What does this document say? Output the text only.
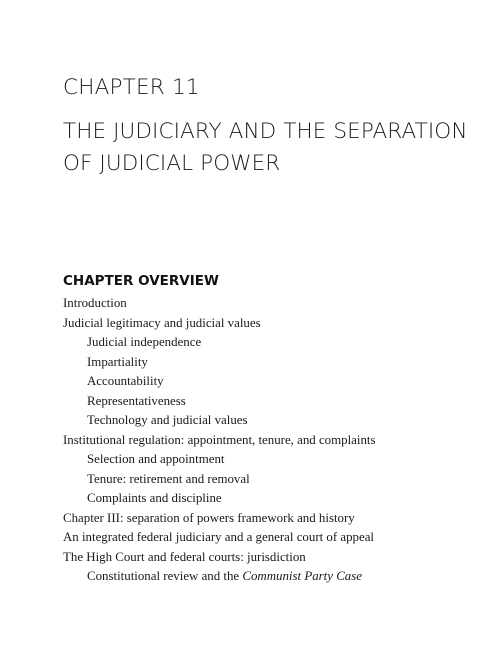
CHAPTER 11
THE JUDICIARY AND THE SEPARATION
OF JUDICIAL POWER
CHAPTER OVERVIEW
Introduction
Judicial legitimacy and judicial values
Judicial independence
Impartiality
Accountability
Representativeness
Technology and judicial values
Institutional regulation: appointment, tenure, and complaints
Selection and appointment
Tenure: retirement and removal
Complaints and discipline
Chapter III: separation of powers framework and history
An integrated federal judiciary and a general court of appeal
The High Court and federal courts: jurisdiction
Constitutional review and the Communist Party Case
